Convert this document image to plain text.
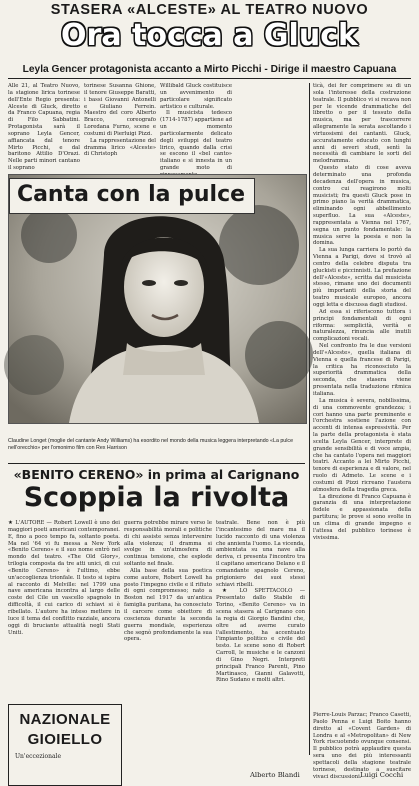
STASERA «ALCESTE» AL TEATRO NUOVO
Ora tocca a Gluck
Leyla Gencer protagonista accanto a Mirto Picchi - Dirige il maestro Capuana

Alle 21, al Teatro Nuovo, la stagione lirica torinese dell'Ente Regio presenta: Alceste di Gluck, diretto da Franco Capuana, regia di Filo Sabbatini. Protagonista sarà il soprano Leyla Gencer, affiancata dal tenore Mirto Picchi, e dal baritono Attilio D'Orazi. Nelle parti minori cantano il soprano

torinese Susanna Ghione, il tenore Giuseppe Baratti, i bassi Giovanni Antonelli e Giuliano Ferrein. Maestro del coro Alberto Bracco, coreografo Loredana Furno, scene e costumi di Pierluigi Pizzi.

La rappresentazione del dramma lirico «Alceste» di Christoph

Willibald Gluck costituisce un avvenimento di particolare significato artistico e culturale.

Il musicista tedesco (1714-1787) appartiene ad un momento particolarmente delicato degli sviluppi del teatro lirico, quando dalla crisi se escono il «bel canto» italiano e si innesta in un grande moto di

ticà, dei fer comprimere su di un sola l'interesse della costruzione teatrale. Il pubblico vi si recava non per le vicende drammatiche del libretto o per il tessuto della musica, ma per trascorrere allegramente la serata ascoltando i virtuosismi dei cantanti. Gluck, accuratamente educato con lunghi anni di severi studi, sentì la necessità di cambiare le sorti del melodramma.

Questo stato di cose aveva determinato una profonda decadenza dell'opera in musica, contro cui reagirono molti musicisti; fra questi Gluck pose in primo piano la verità drammatica, eliminando ogni abbellimento superfluo. La sua «Alceste», rappresentata a Vienna nel 1767, segna un punto fondamentale: la musica serve la poesia e non la domina.

La sua lunga carriera lo portò da Vienna a Parigi, dove si trovò al centro della celebre disputa tra gluckisti e piccinnisti. La prefazione dell'«Alceste», scritta dal musicista stesso, rimane uno dei documenti più importanti della storia del teatro musicale europeo, ancora oggi letta e discussa dagli studiosi.

Ad essa si riferiscono tuttora i principi fondamentali di ogni riforma: semplicità, verità e naturalezza, rinuncia alle inutili complicazioni vocali.

Nel confronto fra le due versioni dell'«Alceste», quella italiana di Vienna e quella francese di Parigi, la critica ha riconosciuto la superiorità drammatica della seconda, che stasera viene presentata nella traduzione ritmica italiana.

La musica è severa, nobilissima, di una commovente grandezza; i cori hanno una parte preminente e l'orchestra sostiene l'azione con accenti di intensa espressività. Per la parte della protagonista è stata scelta Leyla Gencer, interprete di grande sensibilità e di voce ampia, che ha cantato l'opera nei maggiori teatri. Accanto a lei Mirto Picchi, tenore di esperienza e di valore, nel ruolo di Admeto. Le scene e i costumi di Pizzi ricreano l'austera atmosfera della tragedia greca.

La direzione di Franco Capuana è garanzia di una interpretazione fedele e appassionata della partitura; le prove si sono svolte in un clima di grande impegno e l'attesa del pubblico torinese è vivissima.

Canta con la pulce
Claudine Longet (moglie del cantante Andy Williams) ha esordito nel mondo della musica leggera interpretando «La pulce nell'orecchio» per l'omonimo film con Rex Harrison
«BENITO CERENO» in prima al Carignano
Scoppia la rivolta

★ L'AUTORE — Robert Lowell è uno dei maggiori poeti americani contemporanei. E, fino a poco tempo fa, soltanto poeta. Ma nel '64 vi fu messa a New York «Benito Cereno» e il suo nome entrò nel mondo del teatro. «The Old Glory», trilogia composta da tre atti unici, di cui «Benito Cereno» è l'ultimo, ebbe un'accoglienza trionfale. Il testo si ispira al racconto di Melville: nel 1799 una nave americana incontra al largo delle coste del Cile un vascello spagnolo in difficoltà, il cui carico di schiavi si è ribellato. L'autore ha inteso mettere in luce il tema del conflitto razziale, ancora oggi di bruciante attualità negli Stati Uniti.

guerra potrebbe mirare verso le responsabilità morali e politiche di chi assiste senza intervenire alla violenza; il dramma si svolge in un'atmosfera di continua tensione, che esplode soltanto nel finale.

Alla base della sua poetica come autore, Robert Lowell ha posto l'impegno civile e il rifiuto di ogni compromesso; nato a Boston nel 1917 da un'antica famiglia puritana, ha conosciuto il carcere come obiettore di coscienza durante la seconda guerra mondiale, esperienza che segnò profondamente la sua opera.

teatrale. Bene non è più l'incantesimo del mare ma il lucido racconto di una violenza che annienta l'uomo. La vicenda, ambientata su una nave alla deriva, ci presenta l'incontro tra il capitano americano Delano e il comandante spagnolo Cereno, prigioniero dei suoi stessi schiavi ribelli.

★ LO SPETTACOLO — Presentato dallo Stabile di Torino, «Benito Cereno» va in scena stasera al Carignano con la regia di Giorgio Bandini che, oltre ad averne curato l'allestimento, ha accentuato l'impianto politico e civile del testo. Le scene sono di Robert Carroll, le musiche e le canzoni di Gino Negri. Interpreti principali Franco Parenti, Pino Martinasco, Gianni Galavotti, Rino Sudano e molti altri.

Pierre-Louis Parzac; Franco Casetti, Paolo Penna e Luigi Boito hanno diretto al «Covent Garden» di Londra e al «Metropolitan» di New York riscuotendo ovunque consensi. Il pubblico potrà applaudire questa sera uno dei più interessanti spettacoli della stagione teatrale torinese, destinato a suscitare vivaci discussioni.

NAZIONALE
GIOIELLO
Un'eccezionale
Alberto Blandi	Luigi Cocchi
